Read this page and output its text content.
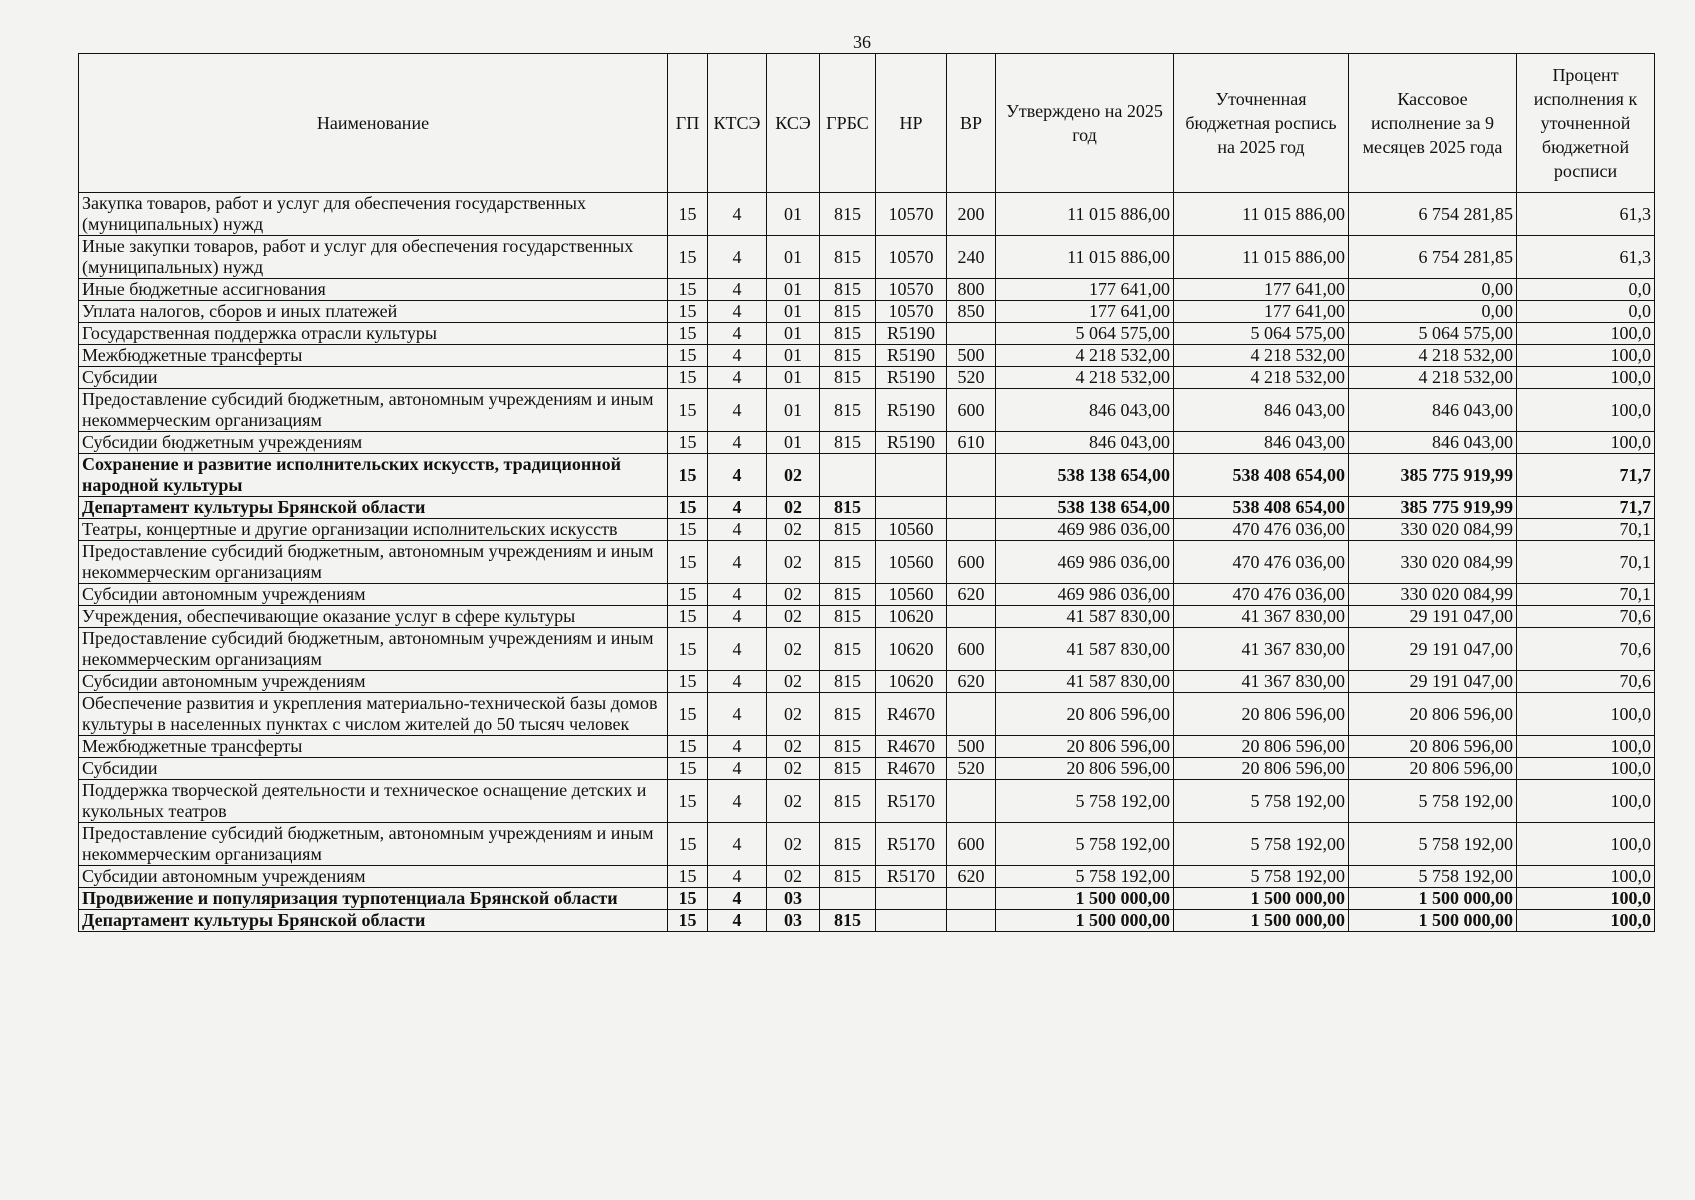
36
Наименование	ГП	КТСЭ	КСЭ	ГРБС	НР	ВР	Утверждено на 2025 год	Уточненная бюджетная роспись на 2025 год	Кассовое исполнение за 9 месяцев 2025 года	Процент исполнения к уточненной бюджетной росписи
Закупка товаров, работ и услуг для обеспечения государственных (муниципальных) нужд	15	4	01	815	10570	200	11 015 886,00	11 015 886,00	6 754 281,85	61,3
Иные закупки товаров, работ и услуг для обеспечения государственных (муниципальных) нужд	15	4	01	815	10570	240	11 015 886,00	11 015 886,00	6 754 281,85	61,3
Иные бюджетные ассигнования	15	4	01	815	10570	800	177 641,00	177 641,00	0,00	0,0
Уплата налогов, сборов и иных платежей	15	4	01	815	10570	850	177 641,00	177 641,00	0,00	0,0
Государственная поддержка отрасли культуры	15	4	01	815	R5190		5 064 575,00	5 064 575,00	5 064 575,00	100,0
Межбюджетные трансферты	15	4	01	815	R5190	500	4 218 532,00	4 218 532,00	4 218 532,00	100,0
Субсидии	15	4	01	815	R5190	520	4 218 532,00	4 218 532,00	4 218 532,00	100,0
Предоставление субсидий бюджетным, автономным учреждениям и иным некоммерческим организациям	15	4	01	815	R5190	600	846 043,00	846 043,00	846 043,00	100,0
Субсидии бюджетным учреждениям	15	4	01	815	R5190	610	846 043,00	846 043,00	846 043,00	100,0
Сохранение и развитие исполнительских искусств, традиционной народной культуры	15	4	02				538 138 654,00	538 408 654,00	385 775 919,99	71,7
Департамент культуры Брянской области	15	4	02	815			538 138 654,00	538 408 654,00	385 775 919,99	71,7
Театры, концертные и другие организации исполнительских искусств	15	4	02	815	10560		469 986 036,00	470 476 036,00	330 020 084,99	70,1
Предоставление субсидий бюджетным, автономным учреждениям и иным некоммерческим организациям	15	4	02	815	10560	600	469 986 036,00	470 476 036,00	330 020 084,99	70,1
Субсидии автономным учреждениям	15	4	02	815	10560	620	469 986 036,00	470 476 036,00	330 020 084,99	70,1
Учреждения, обеспечивающие оказание услуг в сфере культуры	15	4	02	815	10620		41 587 830,00	41 367 830,00	29 191 047,00	70,6
Предоставление субсидий бюджетным, автономным учреждениям и иным некоммерческим организациям	15	4	02	815	10620	600	41 587 830,00	41 367 830,00	29 191 047,00	70,6
Субсидии автономным учреждениям	15	4	02	815	10620	620	41 587 830,00	41 367 830,00	29 191 047,00	70,6
Обеспечение развития и укрепления материально-технической базы домов культуры в населенных пунктах с числом жителей до 50 тысяч человек	15	4	02	815	R4670		20 806 596,00	20 806 596,00	20 806 596,00	100,0
Межбюджетные трансферты	15	4	02	815	R4670	500	20 806 596,00	20 806 596,00	20 806 596,00	100,0
Субсидии	15	4	02	815	R4670	520	20 806 596,00	20 806 596,00	20 806 596,00	100,0
Поддержка творческой деятельности и техническое оснащение детских и кукольных театров	15	4	02	815	R5170		5 758 192,00	5 758 192,00	5 758 192,00	100,0
Предоставление субсидий бюджетным, автономным учреждениям и иным некоммерческим организациям	15	4	02	815	R5170	600	5 758 192,00	5 758 192,00	5 758 192,00	100,0
Субсидии автономным учреждениям	15	4	02	815	R5170	620	5 758 192,00	5 758 192,00	5 758 192,00	100,0
Продвижение и популяризация турпотенциала Брянской области	15	4	03				1 500 000,00	1 500 000,00	1 500 000,00	100,0
Департамент культуры Брянской области	15	4	03	815			1 500 000,00	1 500 000,00	1 500 000,00	100,0
